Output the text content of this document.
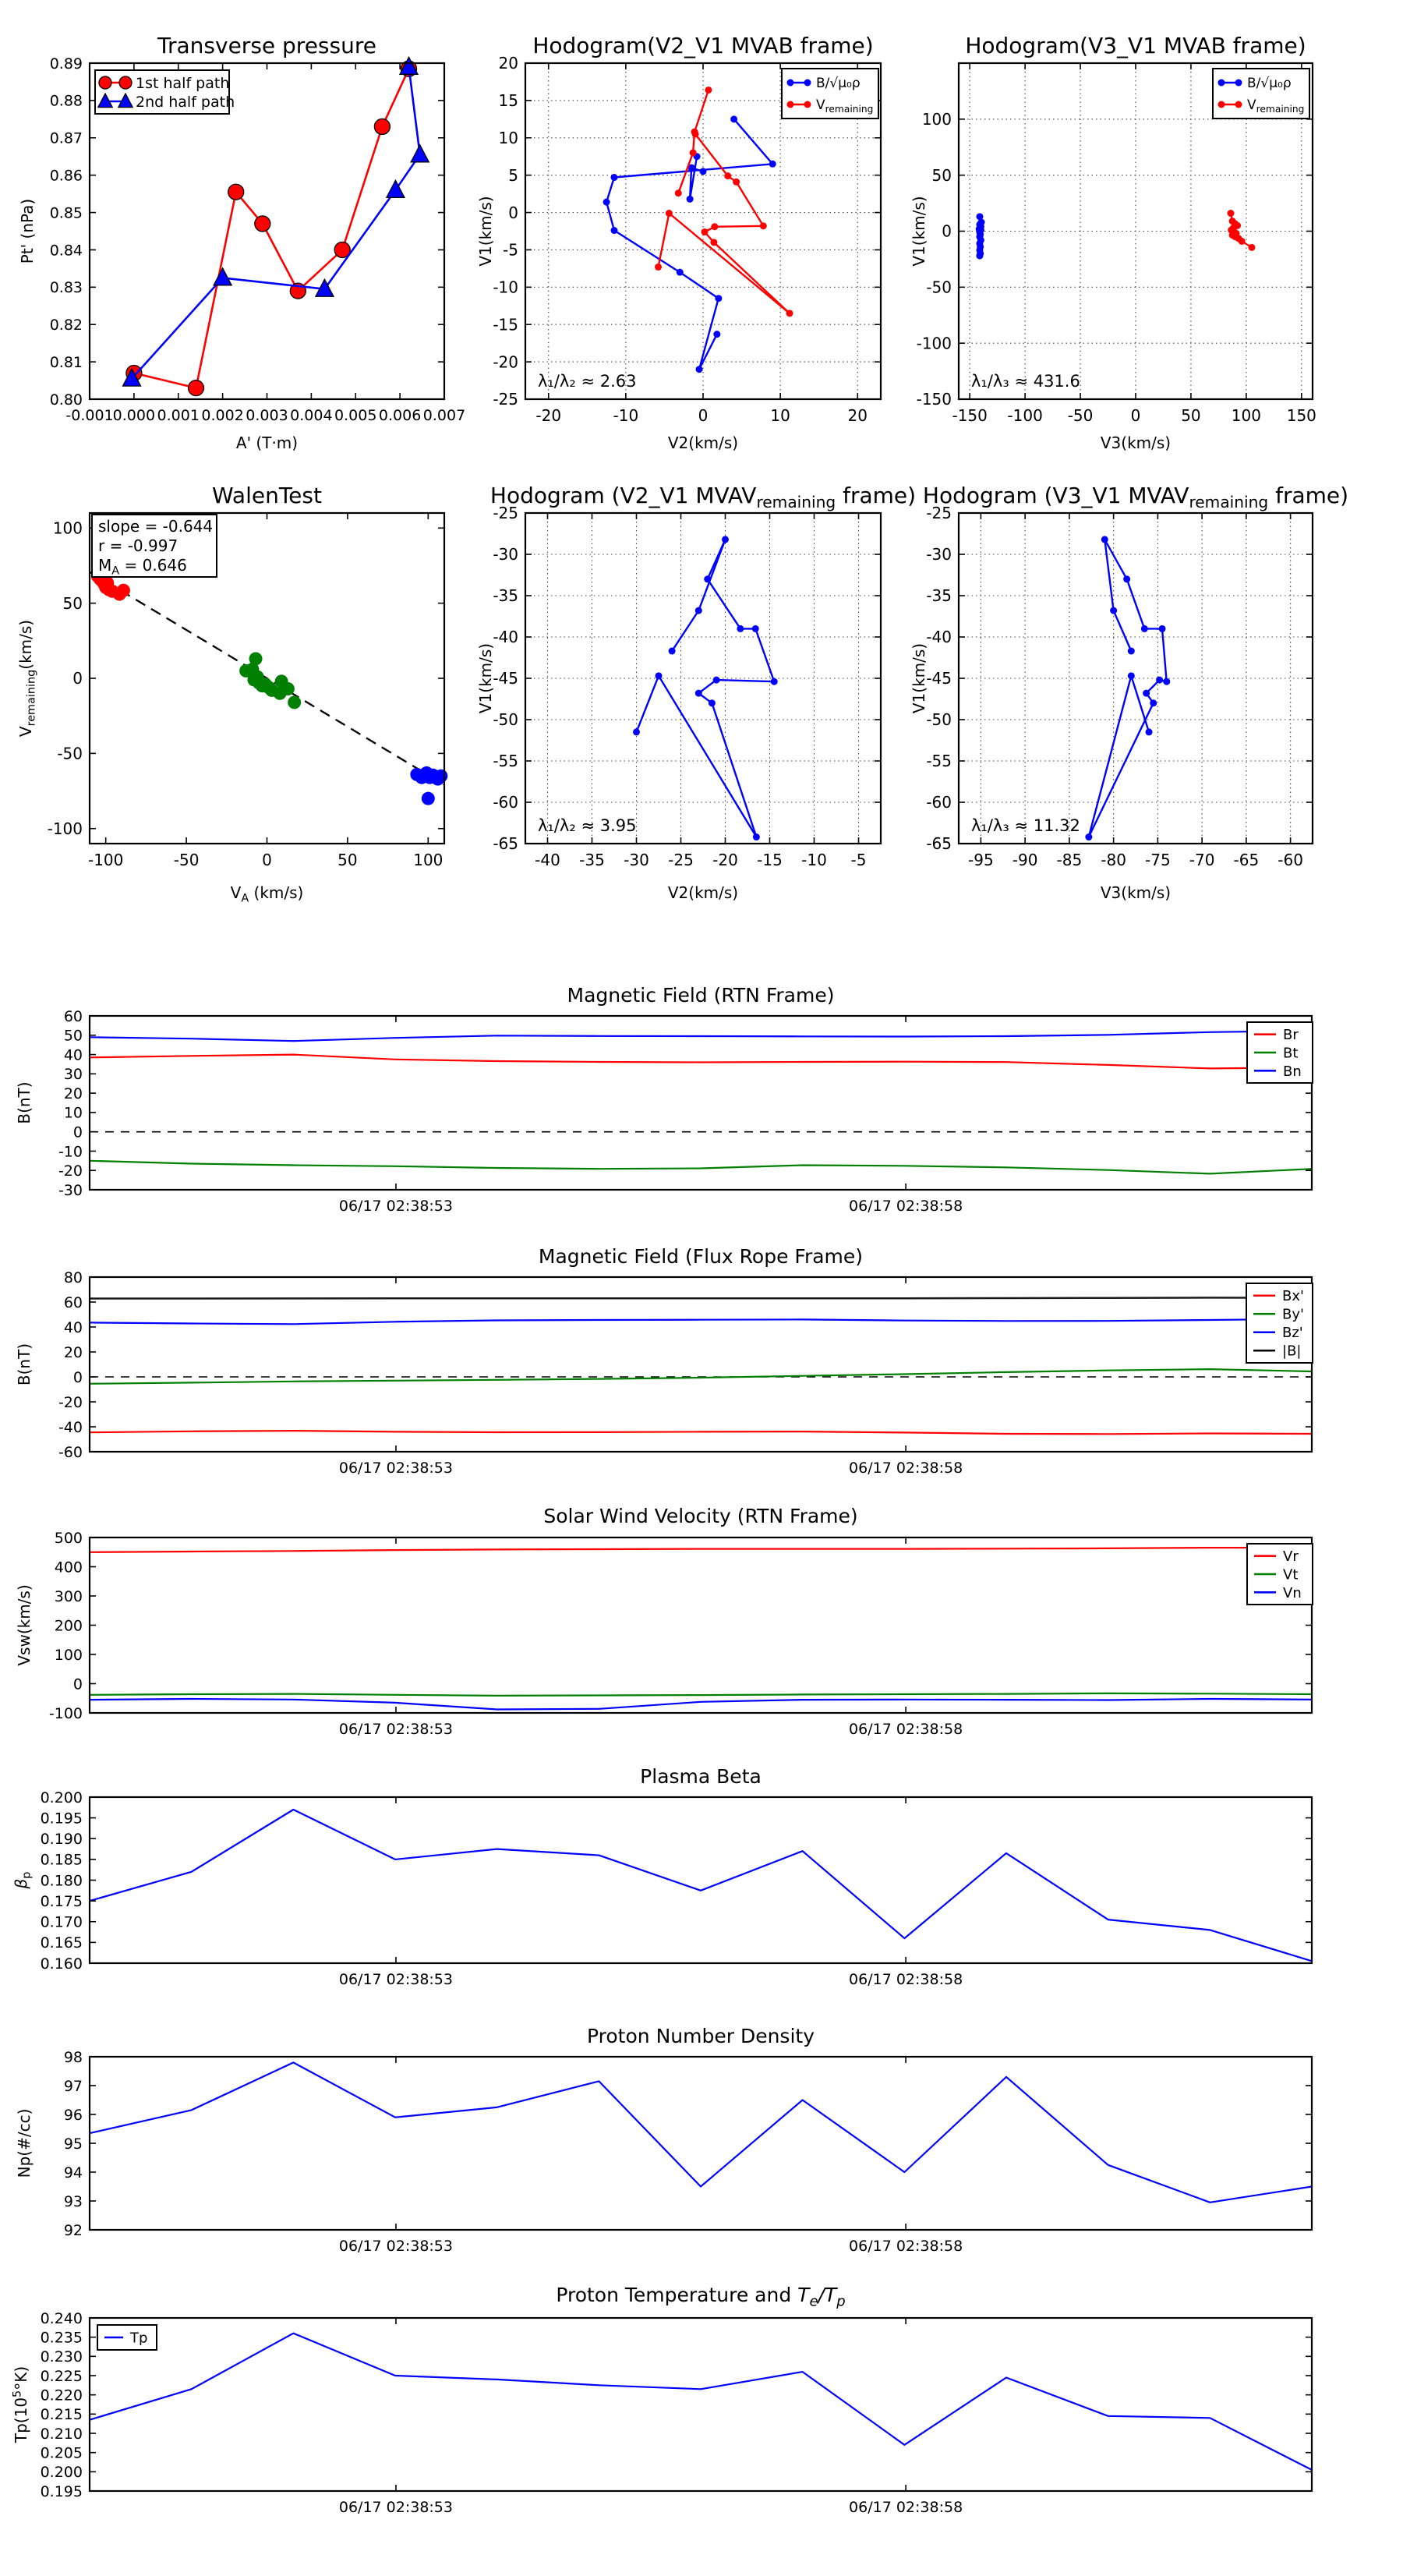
-0.001 0.000 0.001 0.002 0.003 0.004 0.005 0.006 0.007
0.80
0.81
0.82
0.83
0.84
0.85
0.86
0.87
0.88
0.89
Transverse pressure
A' (T·m)
Pt' (nPa)
1st half path
2nd half path
-20	-10	0	10	20
-25
-20
-15
-10
-5
0
5
10
15
20
Hodogram(V2_V1 MVAB frame)
V2(km/s)
V1(km/s)
B/√μ₀ρ
$V_{remaining}$
λ₁/λ₂ ≈ 2.63
-150 -100 -50 0	50 100 150
-150
-100
-50
0
50
100
Hodogram(V3_V1 MVAB frame)
V3(km/s)
V1(km/s)
B/√μ₀ρ
$V_{remaining}$
λ₁/λ₃ ≈ 431.6
-100	-50	0	50	100
-100
-50
0
50
100
WalenTest
$V_A$ (km/s)
$V_{remaining}(km/s)$
slope = -0.644
r = -0.997
$M_A = 0.646$
-40 -35 -30 -25 -20 -15 -10 -5
-65
-60
-55
-50
-45
-40
-35
-30
-25
Hodogram (V2_V1 $MVAV_{remaining}$ frame)
V2(km/s)
V1(km/s)
λ₁/λ₂ ≈ 3.95
-95 -90 -85 -80 -75 -70 -65 -60
-65
-60
-55
-50
-45
-40
-35
-30
-25
Hodogram (V3_V1 $MVAV_{remaining}$ frame)
V3(km/s)
V1(km/s)
λ₁/λ₃ ≈ 11.32
06/17 02:38:53	06/17 02:38:58
-30
-20
-10
0
10
20
30
40
50
60
Magnetic Field (RTN Frame)
B(nT)
Br
Bt
Bn
06/17 02:38:53	06/17 02:38:58
-60
-40
-20
0
20
40
60
80
Magnetic Field (Flux Rope Frame)
B(nT)
Bx'
By'
Bz'
|B|
06/17 02:38:53	06/17 02:38:58
-100
0
100
200
300
400
500
Solar Wind Velocity (RTN Frame)
Vsw(km/s)
Vr
Vt
Vn
06/17 02:38:53	06/17 02:38:58
0.160
0.165
0.170
0.175
0.180
0.185
0.190
0.195
0.200
Plasma Beta
$\beta_p$
06/17 02:38:53	06/17 02:38:58
92
93
94
95
96
97
98
Proton Number Density
Np(#/cc)
06/17 02:38:53	06/17 02:38:58
0.195
0.200
0.205
0.210
0.215
0.220
0.225
0.230
0.235
0.240
Proton Temperature and $T_e/T_p$
$Tp(10^5^\circ K)$
Tp
